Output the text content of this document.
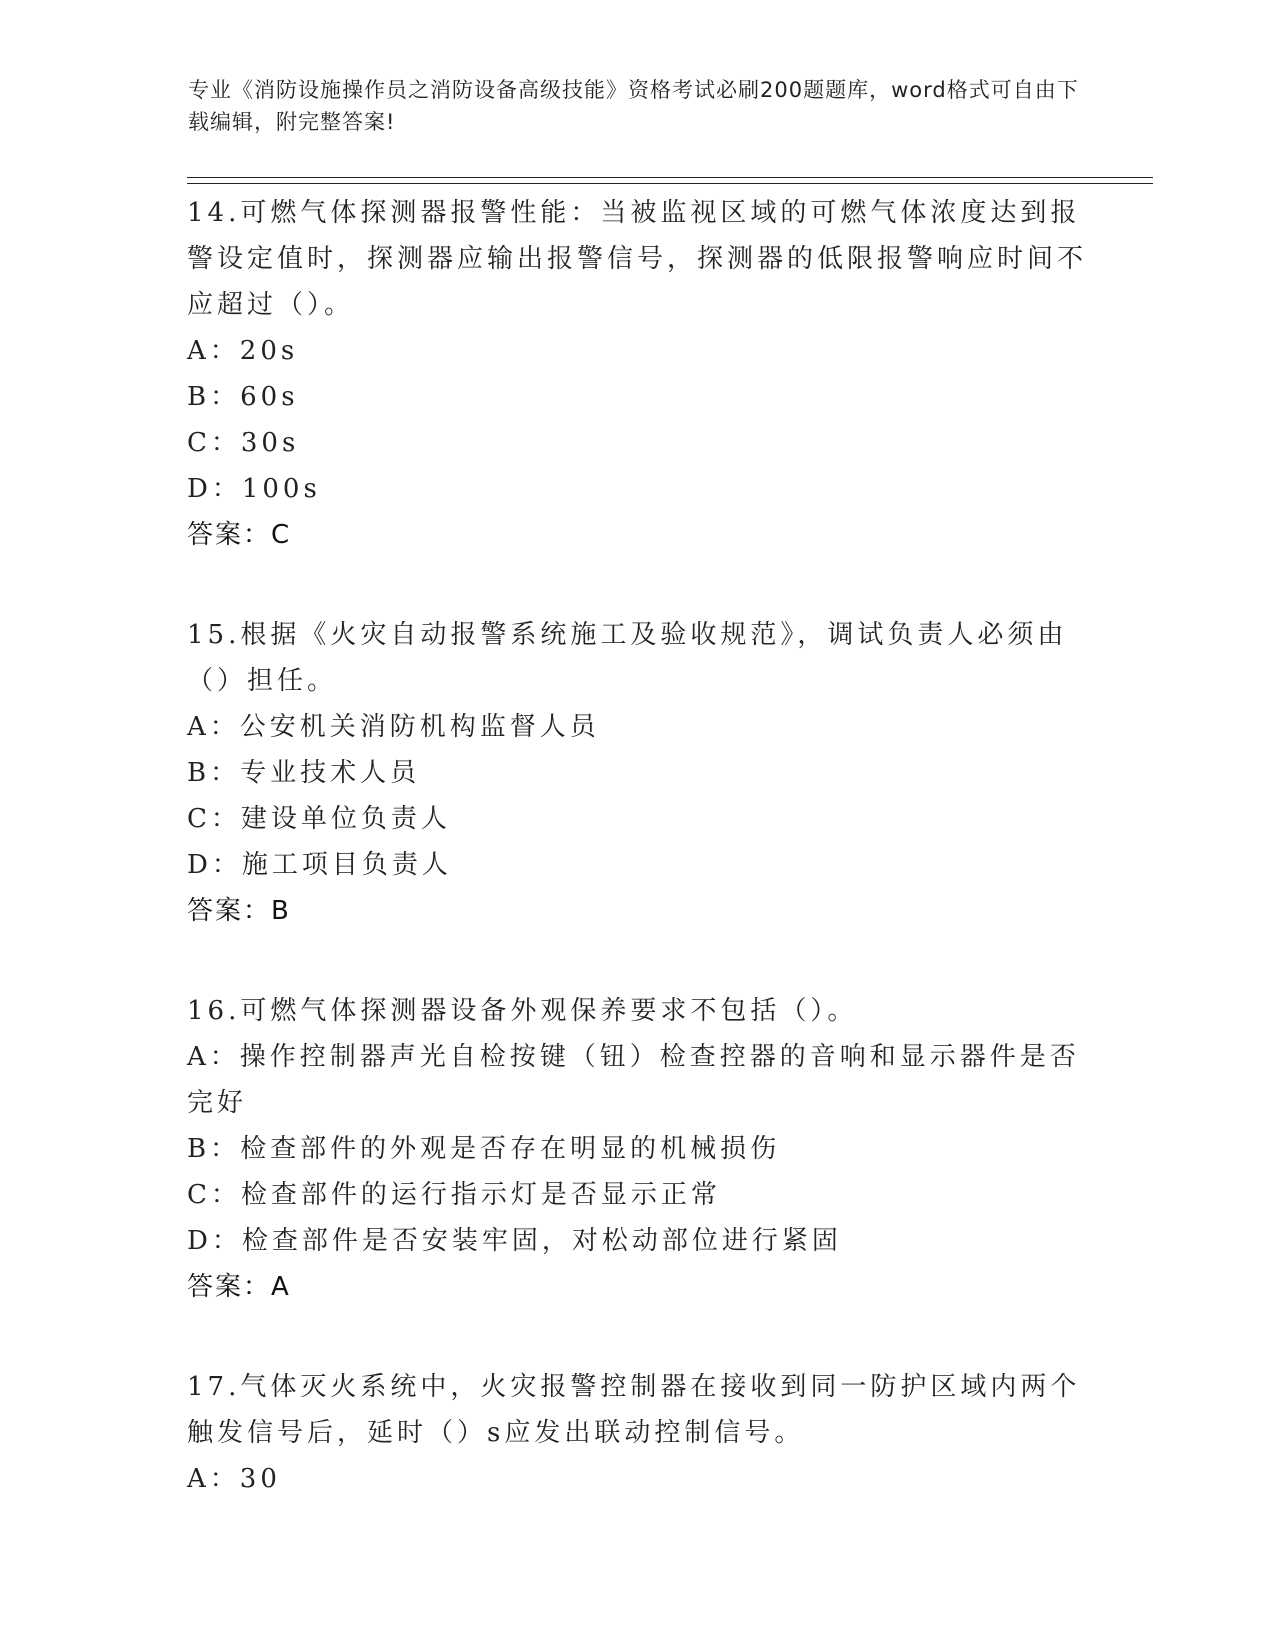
专业《消防设施操作员之消防设备高级技能》资格考试必刷200题题库，word格式可自由下载编辑，附完整答案!
14.可燃气体探测器报警性能：当被监视区域的可燃气体浓度达到报警设定值时，探测器应输出报警信号，探测器的低限报警响应时间不应超过（）。
A：20s
B：60s
C：30s
D：100s
答案：C
15.根据《火灾自动报警系统施工及验收规范》，调试负责人必须由（）担任。
A：公安机关消防机构监督人员
B：专业技术人员
C：建设单位负责人
D：施工项目负责人
答案：B
16.可燃气体探测器设备外观保养要求不包括（）。
A：操作控制器声光自检按键（钮）检查控器的音响和显示器件是否完好
B：检查部件的外观是否存在明显的机械损伤
C：检查部件的运行指示灯是否显示正常
D：检查部件是否安装牢固，对松动部位进行紧固
答案：A
17.气体灭火系统中，火灾报警控制器在接收到同一防护区域内两个触发信号后，延时（）s应发出联动控制信号。
A：30
